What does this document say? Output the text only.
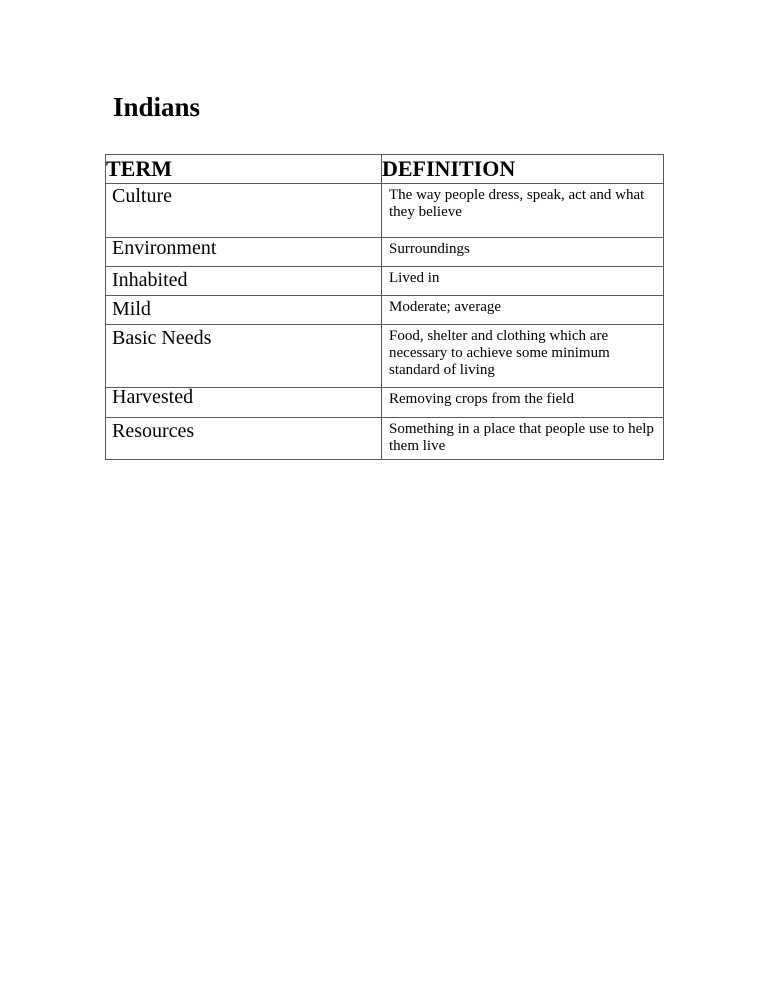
Indians
TERM	DEFINITION

Culture	The way people dress, speak, act and what they believe

Environment	Surroundings

Inhabited	Lived in

Mild	Moderate; average

Basic Needs	Food, shelter and clothing which are necessary to achieve some minimum standard of living

Harvested	Removing crops from the field

Resources	Something in a place that people use to help them live
